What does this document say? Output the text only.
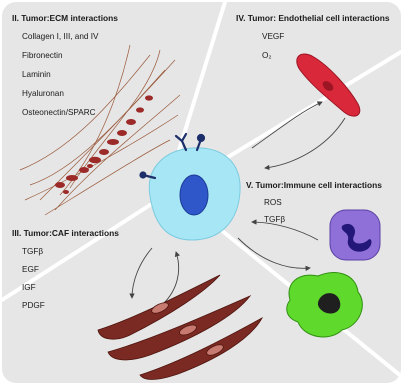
II. Tumor:ECM interactions
Collagen I, III, and IV
Fibronectin
Laminin
Hyaluronan
Osteonectin/SPARC
IV. Tumor: Endothelial cell interactions
VEGF
O₂
III. Tumor:CAF interactions
TGFβ
EGF
IGF
PDGF
V. Tumor:Immune cell interactions
ROS
TGFβ
